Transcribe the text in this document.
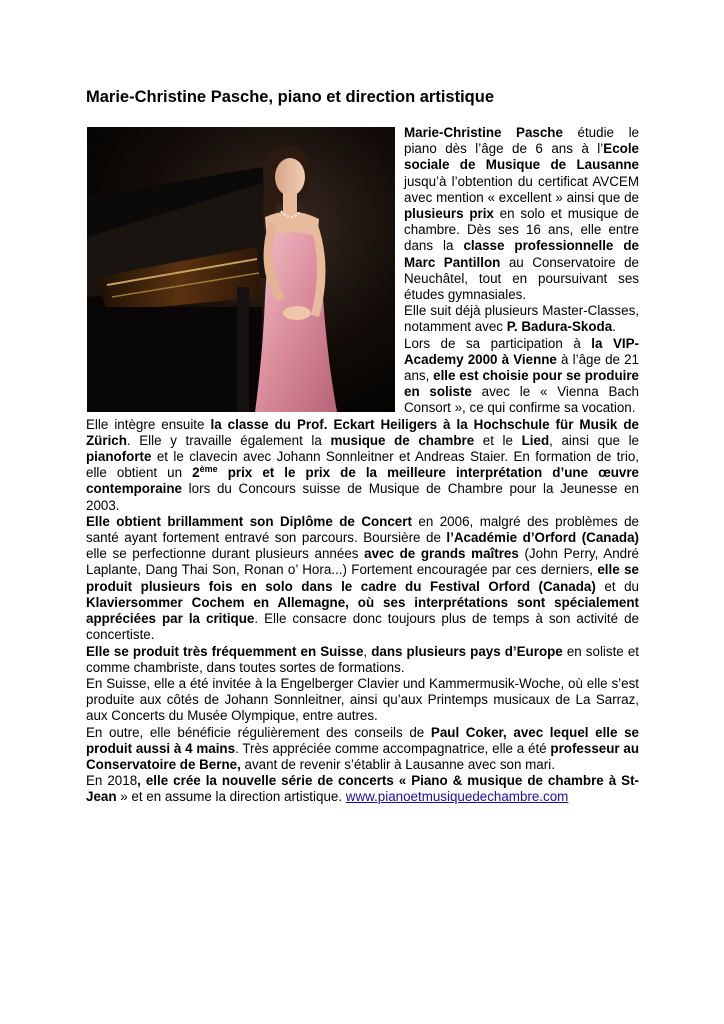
Marie-Christine Pasche, piano et direction artistique

Marie-Christine Pasche étudie le piano dès l’âge de 6 ans à l’Ecole sociale de Musique de Lausanne jusqu’à l’obtention du certificat AVCEM avec mention « excellent » ainsi que de plusieurs prix en solo et musique de chambre. Dès ses 16 ans, elle entre dans la classe professionnelle de Marc Pantillon au Conservatoire de Neuchâtel, tout en poursuivant ses études gymnasiales.

Elle suit déjà plusieurs Master-Classes, notamment avec P. Badura-Skoda.

Lors de sa participation à la VIP-Academy 2000 à Vienne à l’âge de 21 ans, elle est choisie pour se produire en soliste avec le « Vienna Bach Consort », ce qui confirme sa vocation.

Elle intègre ensuite la classe du Prof. Eckart Heiligers à la Hochschule für Musik de Zürich. Elle y travaille également la musique de chambre et le Lied, ainsi que le pianoforte et le clavecin avec Johann Sonnleitner et Andreas Staier. En formation de trio, elle obtient un 2ème prix et le prix de la meilleure interprétation d’une œuvre contemporaine lors du Concours suisse de Musique de Chambre pour la Jeunesse en 2003.

Elle obtient brillamment son Diplôme de Concert en 2006, malgré des problèmes de santé ayant fortement entravé son parcours. Boursière de l’Académie d’Orford (Canada) elle se perfectionne durant plusieurs années avec de grands maîtres (John Perry, André Laplante, Dang Thai Son, Ronan o’ Hora...) Fortement encouragée par ces derniers, elle se produit plusieurs fois en solo dans le cadre du Festival Orford (Canada) et du Klaviersommer Cochem en Allemagne, où ses interprétations sont spécialement appréciées par la critique. Elle consacre donc toujours plus de temps à son activité de concertiste.

Elle se produit très fréquemment en Suisse, dans plusieurs pays d’Europe en soliste et comme chambriste, dans toutes sortes de formations.

En Suisse, elle a été invitée à la Engelberger Clavier und Kammermusik-Woche, où elle s’est produite aux côtés de Johann Sonnleitner, ainsi qu’aux Printemps musicaux de La Sarraz, aux Concerts du Musée Olympique, entre autres.

En outre, elle bénéficie régulièrement des conseils de Paul Coker, avec lequel elle se produit aussi à 4 mains. Très appréciée comme accompagnatrice, elle a été professeur au Conservatoire de Berne, avant de revenir s’établir à Lausanne avec son mari.

En 2018, elle crée la nouvelle série de concerts « Piano & musique de chambre à St-Jean » et en assume la direction artistique. www.pianoetmusiquedechambre.com
